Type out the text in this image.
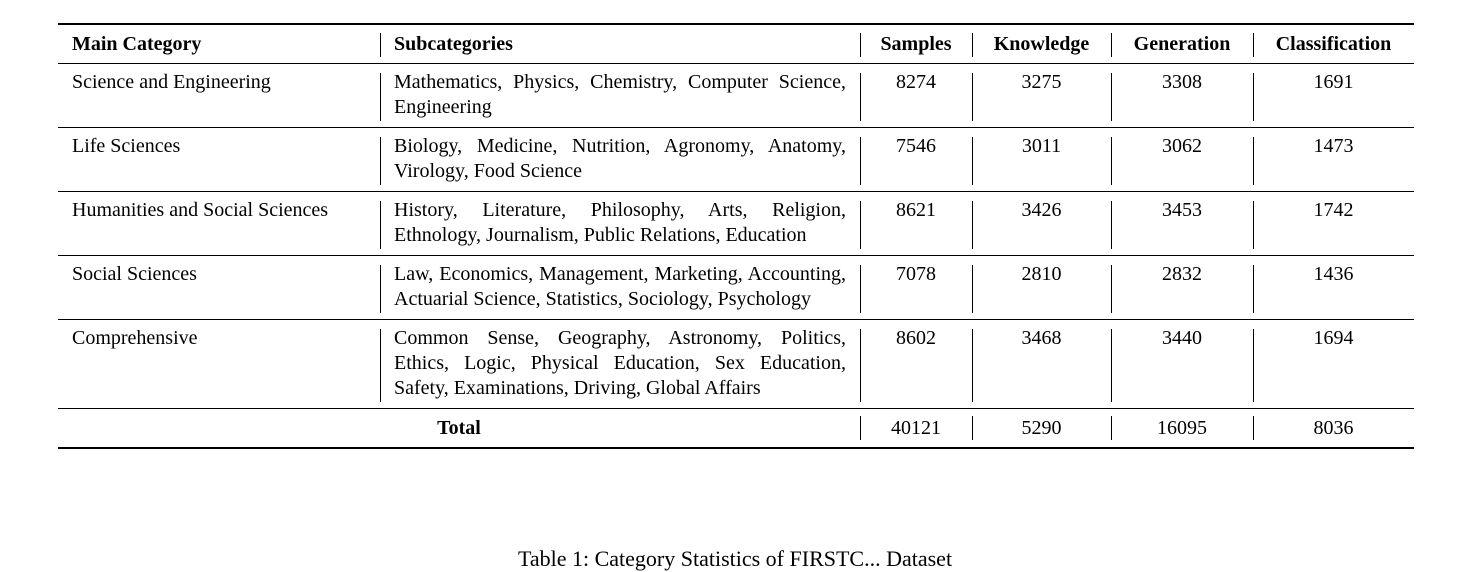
Main Category	Subcategories	Samples	Knowledge	Generation	Classification
Science and Engineering	Mathematics, Physics, Chemistry, Computer Science, Engineering	8274	3275	3308	1691
Life Sciences	Biology, Medicine, Nutrition, Agronomy, Anatomy, Virology, Food Science	7546	3011	3062	1473
Humanities and Social Sciences	History, Literature, Philosophy, Arts, Religion, Ethnology, Journalism, Public Relations, Education	8621	3426	3453	1742
Social Sciences	Law, Economics, Management, Marketing, Accounting, Actuarial Science, Statistics, Sociology, Psychology	7078	2810	2832	1436
Comprehensive	Common Sense, Geography, Astronomy, Politics, Ethics, Logic, Physical Education, Sex Education, Safety, Examinations, Driving, Global Affairs	8602	3468	3440	1694
Total		40121	5290	16095	8036
Table 1: Category Statistics of FIRSTC... Dataset
